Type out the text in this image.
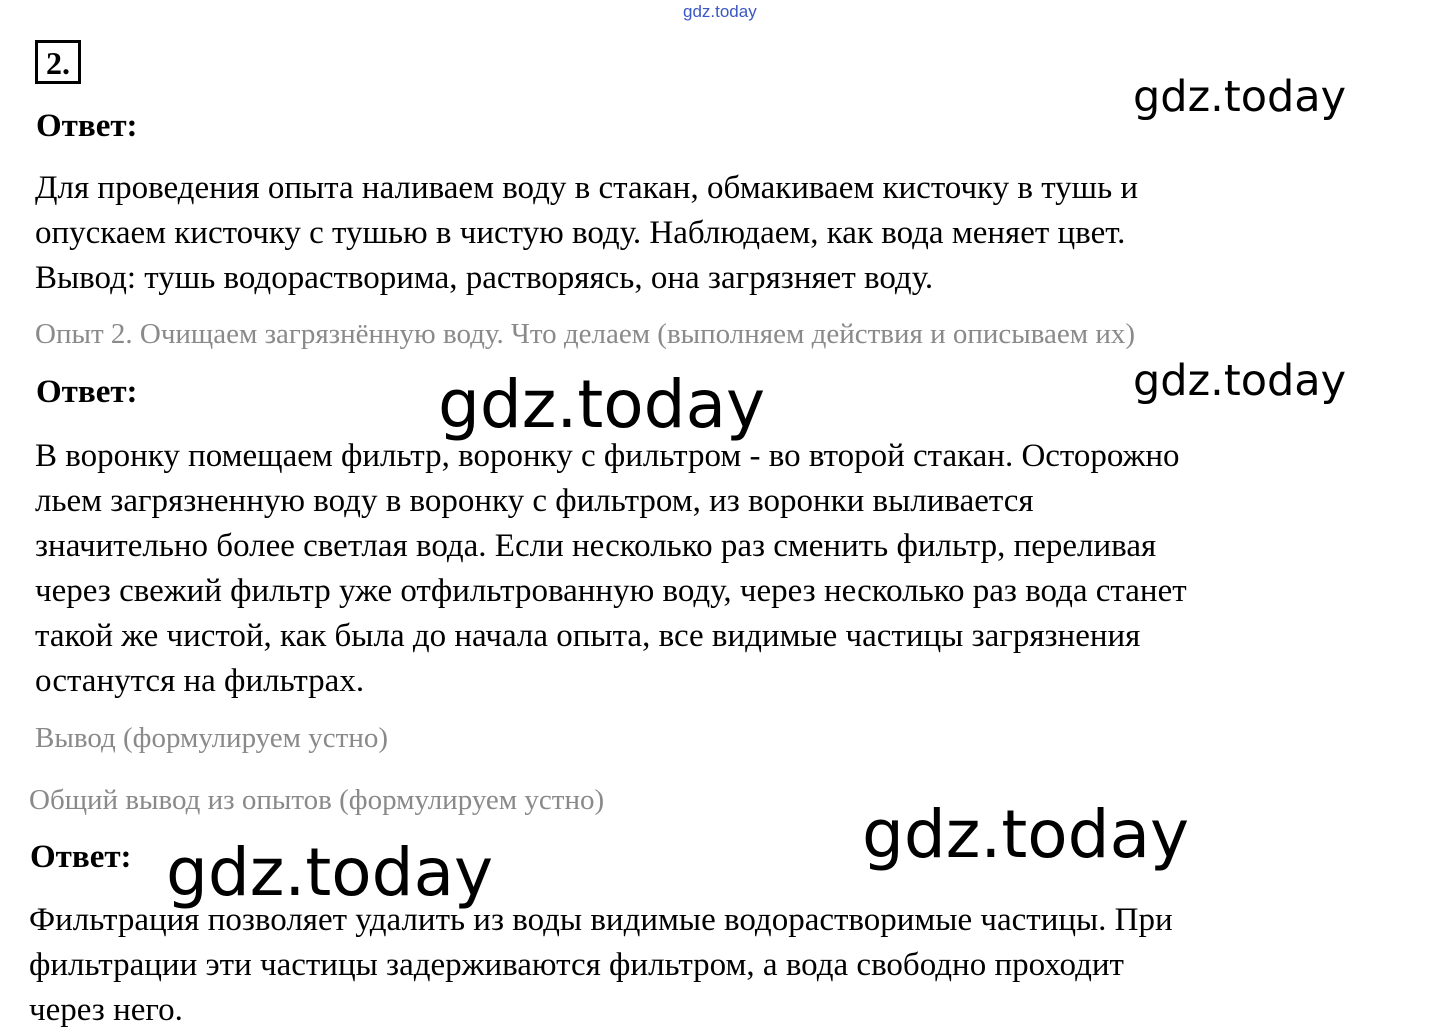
gdz.today
2.
Ответ:
gdz.today
Для проведения опыта наливаем воду в стакан, обмакиваем кисточку в тушь и
опускаем кисточку с тушью в чистую воду. Наблюдаем, как вода меняет цвет.
Вывод: тушь водорастворима, растворяясь, она загрязняет воду.
Опыт 2. Очищаем загрязнённую воду. Что делаем (выполняем действия и описываем их)
Ответ:	gdz.today
gdz.today
В воронку помещаем фильтр, воронку с фильтром - во второй стакан. Осторожно
льем загрязненную воду в воронку с фильтром, из воронки выливается
значительно более светлая вода. Если несколько раз сменить фильтр, переливая
через свежий фильтр уже отфильтрованную воду, через несколько раз вода станет
такой же чистой, как была до начала опыта, все видимые частицы загрязнения
останутся на фильтрах.
Вывод (формулируем устно)
Общий вывод из опытов (формулируем устно)	gdz.today
Ответ: gdz.today
Фильтрация позволяет удалить из воды видимые водорастворимые частицы. При
фильтрации эти частицы задерживаются фильтром, а вода свободно проходит
через него.
